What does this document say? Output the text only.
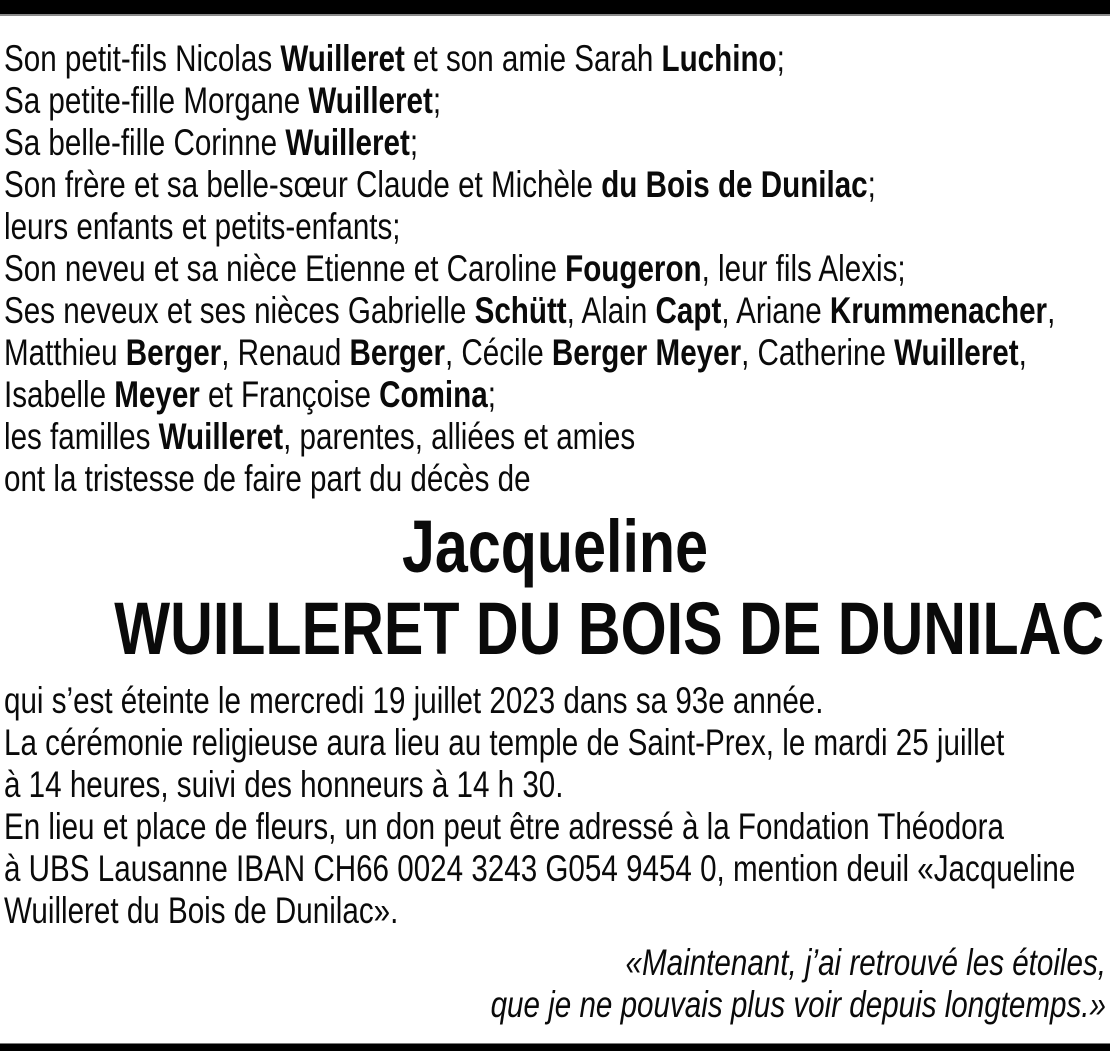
Son petit-fils Nicolas Wuilleret et son amie Sarah Luchino;
Sa petite-fille Morgane Wuilleret;
Sa belle-fille Corinne Wuilleret;
Son frère et sa belle-sœur Claude et Michèle du Bois de Dunilac;
leurs enfants et petits-enfants;
Son neveu et sa nièce Etienne et Caroline Fougeron, leur fils Alexis;
Ses neveux et ses nièces Gabrielle Schütt, Alain Capt, Ariane Krummenacher,
Matthieu Berger, Renaud Berger, Cécile Berger Meyer, Catherine Wuilleret,
Isabelle Meyer et Françoise Comina;
les familles Wuilleret, parentes, alliées et amies
ont la tristesse de faire part du décès de
Jacqueline
WUILLERET DU BOIS DE DUNILAC
qui s’est éteinte le mercredi 19 juillet 2023 dans sa 93e année.
La cérémonie religieuse aura lieu au temple de Saint-Prex, le mardi 25 juillet
à 14 heures, suivi des honneurs à 14 h 30.
En lieu et place de fleurs, un don peut être adressé à la Fondation Théodora
à UBS Lausanne IBAN CH66 0024 3243 G054 9454 0, mention deuil «Jacqueline
Wuilleret du Bois de Dunilac».
«Maintenant, j’ai retrouvé les étoiles,
que je ne pouvais plus voir depuis longtemps.»
